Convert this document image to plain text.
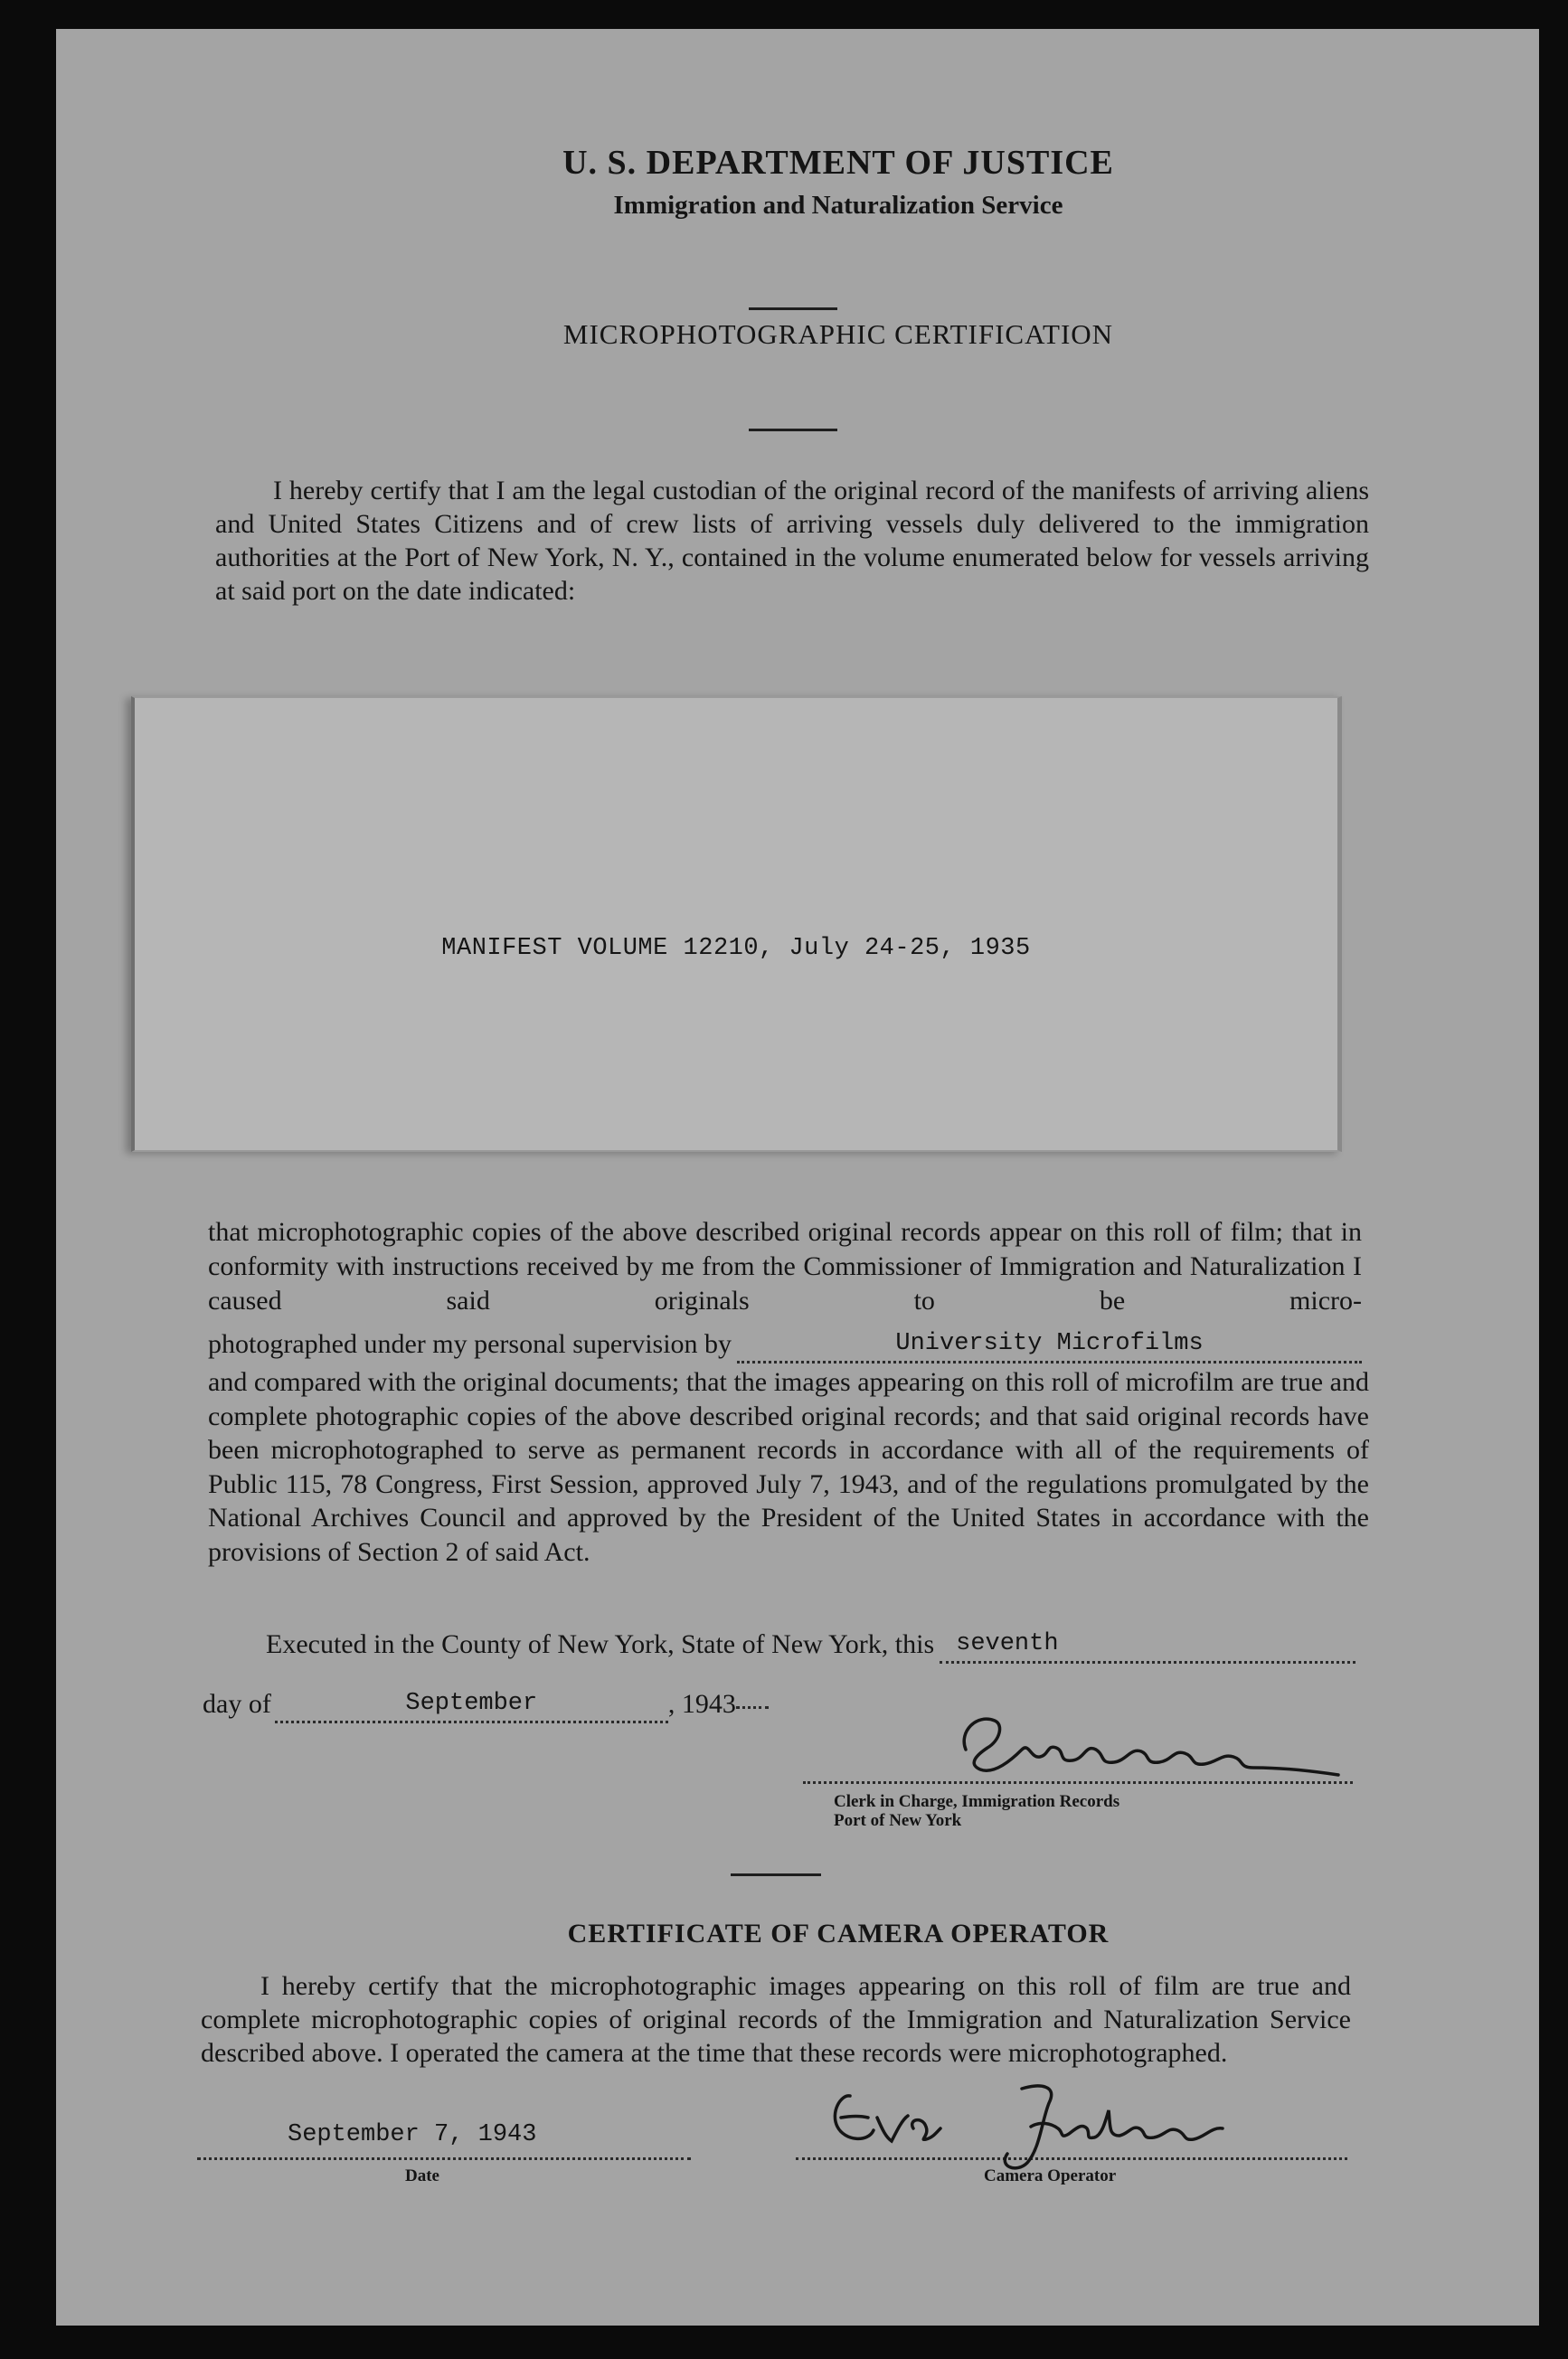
U. S. DEPARTMENT OF JUSTICE
Immigration and Naturalization Service
MICROPHOTOGRAPHIC CERTIFICATION
I hereby certify that I am the legal custodian of the original record of the manifests of arriving aliens and United States Citizens and of crew lists of arriving vessels duly delivered to the immigration authorities at the Port of New York, N. Y., contained in the volume enumerated below for vessels arriving at said port on the date indicated:
MANIFEST VOLUME 12210, July 24-25, 1935
that microphotographic copies of the above described original records appear on this roll of film; that in conformity with instructions received by me from the Commissioner of Immigration and Naturalization I caused said originals to be micro-
photographed under my personal supervision by	University Microfilms
and compared with the original documents; that the images appearing on this roll of microfilm are true and complete photographic copies of the above described original records; and that said original records have been microphotographed to serve as permanent records in accordance with all of the requirements of Public 115, 78 Congress, First Session, approved July 7, 1943, and of the regulations promulgated by the National Archives Council and approved by the President of the United States in accordance with the provisions of Section 2 of said Act.
Executed in the County of New York, State of New York, this seventh
day of	September	, 1943
Clerk in Charge, Immigration Records
Port of New York
CERTIFICATE OF CAMERA OPERATOR
I hereby certify that the microphotographic images appearing on this roll of film are true and complete microphotographic copies of original records of the Immigration and Naturalization Service described above. I operated the camera at the time that these records were microphotographed.
September 7, 1943
Date	Camera Operator
